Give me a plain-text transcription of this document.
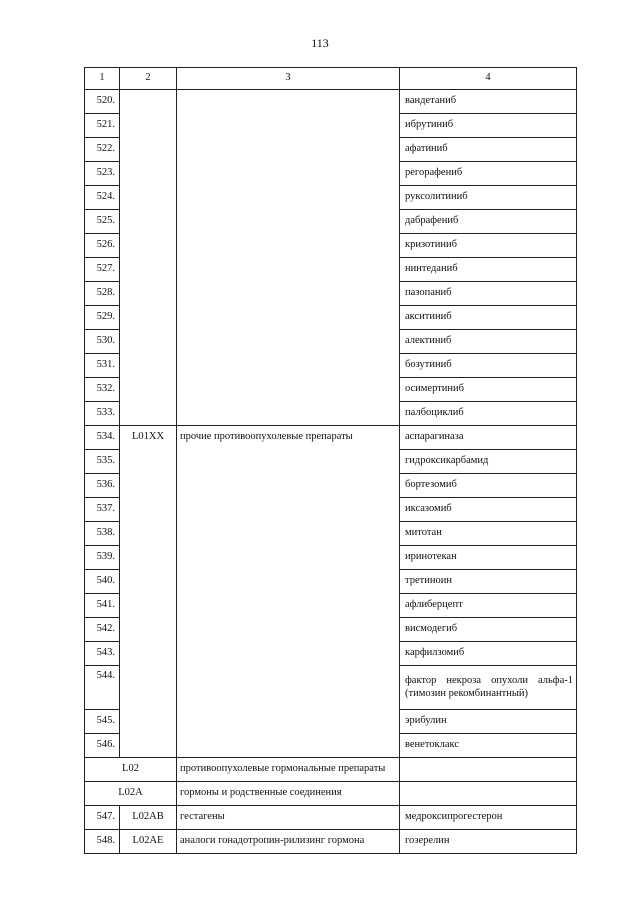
113
1	2	3	4
520.			вандетаниб
521.			ибрутиниб
522.			афатиниб
523.			регорафениб
524.			руксолитиниб
525.			дабрафениб
526.			кризотиниб
527.			нинтеданиб
528.			пазопаниб
529.			акситиниб
530.			алектиниб
531.			бозутиниб
532.			осимертиниб
533.			палбоциклиб
534.	L01XX	прочие противоопухолевые препараты	аспарагиназа
535.			гидроксикарбамид
536.			бортезомиб
537.			иксазомиб
538.			митотан
539.			иринотекан
540.			третиноин
541.			афлиберцепт
542.			висмодегиб
543.			карфилзомиб
544.			фактор некроза опухоли альфа-1 (тимозин рекомбинантный)
545.			эрибулин
546.			венетоклакс
L02		противоопухолевые гормональные препараты	
L02A		гормоны и родственные соединения	
547.	L02AB	гестагены	медроксипрогестерон
548.	L02AE	аналоги гонадотропин-рилизинг гормона	гозерелин
